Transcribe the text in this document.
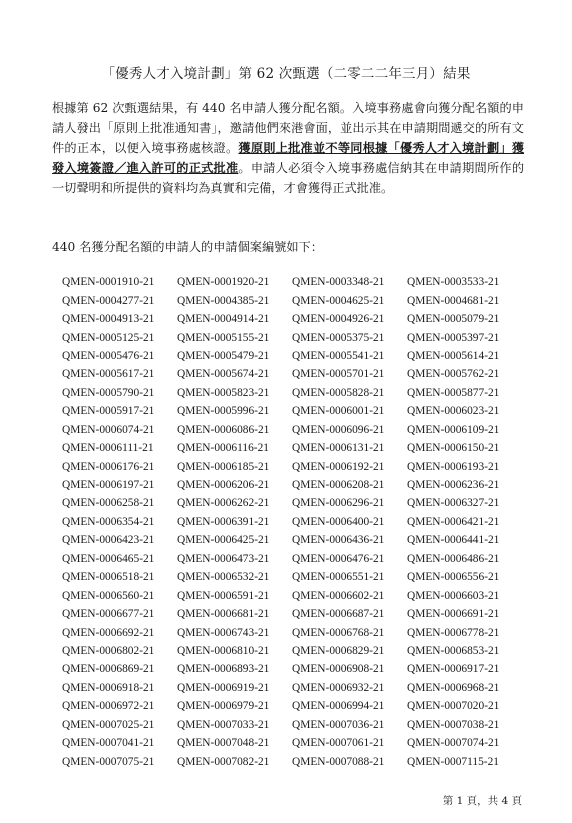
「優秀人才入境計劃」第 62 次甄選（二零二二年三月）結果
根據第 62 次甄選結果，有 440 名申請人獲分配名額。入境事務處會向獲分配名額的申請人發出「原則上批准通知書」，邀請他們來港會面，並出示其在申請期間遞交的所有文件的正本，以便入境事務處核證。獲原則上批准並不等同根據「優秀人才入境計劃」獲發入境簽證／進入許可的正式批准。申請人必須令入境事務處信納其在申請期間所作的一切聲明和所提供的資料均為真實和完備，才會獲得正式批准。
440 名獲分配名額的申請人的申請個案編號如下：
QMEN-0001910-21	QMEN-0001920-21	QMEN-0003348-21	QMEN-0003533-21
QMEN-0004277-21	QMEN-0004385-21	QMEN-0004625-21	QMEN-0004681-21
QMEN-0004913-21	QMEN-0004914-21	QMEN-0004926-21	QMEN-0005079-21
QMEN-0005125-21	QMEN-0005155-21	QMEN-0005375-21	QMEN-0005397-21
QMEN-0005476-21	QMEN-0005479-21	QMEN-0005541-21	QMEN-0005614-21
QMEN-0005617-21	QMEN-0005674-21	QMEN-0005701-21	QMEN-0005762-21
QMEN-0005790-21	QMEN-0005823-21	QMEN-0005828-21	QMEN-0005877-21
QMEN-0005917-21	QMEN-0005996-21	QMEN-0006001-21	QMEN-0006023-21
QMEN-0006074-21	QMEN-0006086-21	QMEN-0006096-21	QMEN-0006109-21
QMEN-0006111-21	QMEN-0006116-21	QMEN-0006131-21	QMEN-0006150-21
QMEN-0006176-21	QMEN-0006185-21	QMEN-0006192-21	QMEN-0006193-21
QMEN-0006197-21	QMEN-0006206-21	QMEN-0006208-21	QMEN-0006236-21
QMEN-0006258-21	QMEN-0006262-21	QMEN-0006296-21	QMEN-0006327-21
QMEN-0006354-21	QMEN-0006391-21	QMEN-0006400-21	QMEN-0006421-21
QMEN-0006423-21	QMEN-0006425-21	QMEN-0006436-21	QMEN-0006441-21
QMEN-0006465-21	QMEN-0006473-21	QMEN-0006476-21	QMEN-0006486-21
QMEN-0006518-21	QMEN-0006532-21	QMEN-0006551-21	QMEN-0006556-21
QMEN-0006560-21	QMEN-0006591-21	QMEN-0006602-21	QMEN-0006603-21
QMEN-0006677-21	QMEN-0006681-21	QMEN-0006687-21	QMEN-0006691-21
QMEN-0006692-21	QMEN-0006743-21	QMEN-0006768-21	QMEN-0006778-21
QMEN-0006802-21	QMEN-0006810-21	QMEN-0006829-21	QMEN-0006853-21
QMEN-0006869-21	QMEN-0006893-21	QMEN-0006908-21	QMEN-0006917-21
QMEN-0006918-21	QMEN-0006919-21	QMEN-0006932-21	QMEN-0006968-21
QMEN-0006972-21	QMEN-0006979-21	QMEN-0006994-21	QMEN-0007020-21
QMEN-0007025-21	QMEN-0007033-21	QMEN-0007036-21	QMEN-0007038-21
QMEN-0007041-21	QMEN-0007048-21	QMEN-0007061-21	QMEN-0007074-21
QMEN-0007075-21	QMEN-0007082-21	QMEN-0007088-21	QMEN-0007115-21
第 1 頁，共 4 頁
